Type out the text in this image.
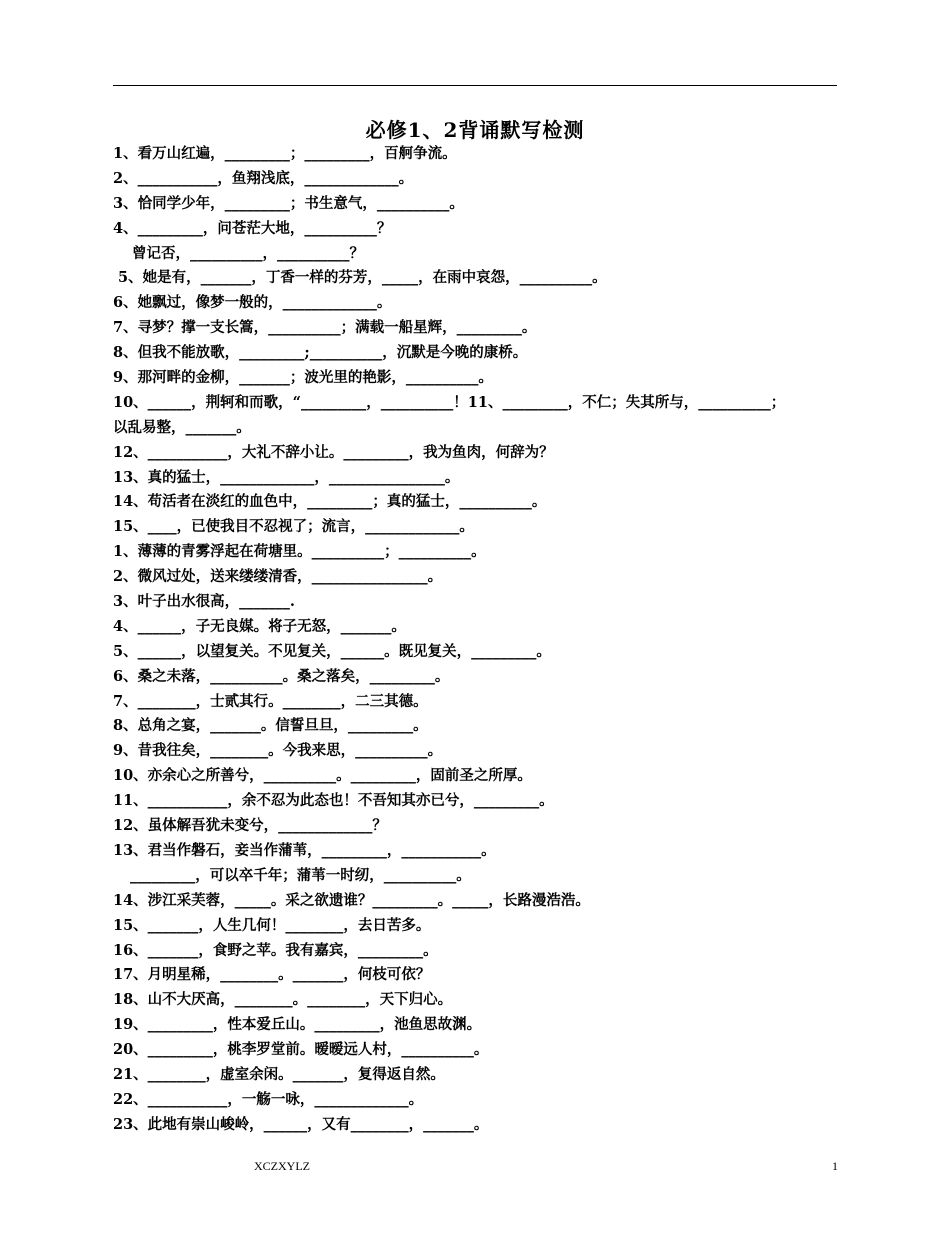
必修1、2背诵默写检测
1、看万山红遍，_________；_________，百舸争流。
2、___________，鱼翔浅底，_____________。
3、恰同学少年，_________；书生意气，__________。
4、_________，问苍茫大地，__________？
曾记否，__________，__________？
5、她是有，_______，丁香一样的芬芳，_____，在雨中哀怨，__________。
6、她飘过，像梦一般的，_____________。
7、寻梦？撑一支长篙，__________；满载一船星辉，_________。
8、但我不能放歌，_________;__________，沉默是今晚的康桥。
9、那河畔的金柳，_______；波光里的艳影，__________。
10、______，荆轲和而歌，“_________，__________！11、_________，不仁；失其所与，__________；
以乱易整，_______。
12、___________，大礼不辞小让。_________，我为鱼肉，何辞为？
13、真的猛士，_____________，________________。
14、苟活者在淡红的血色中，_________；真的猛士，__________。
15、____，已使我目不忍视了；流言，_____________。
1、薄薄的青雾浮起在荷塘里。__________；__________。
2、微风过处，送来缕缕清香，________________。
3、叶子出水很高，_______.
4、______，子无良媒。将子无怒，_______。
5、______，以望复关。不见复关，______。既见复关，_________。
6、桑之未落，__________。桑之落矣，_________。
7、________，士贰其行。________，二三其德。
8、总角之宴，_______。信誓旦旦，_________。
9、昔我往矣，________。今我来思，__________。
10、亦余心之所善兮，__________。_________，固前圣之所厚。
11、___________，余不忍为此态也！不吾知其亦已兮，_________。
12、虽体解吾犹未变兮，_____________？
13、君当作磐石，妾当作蒲苇，_________，___________。
_________，可以卒千年；蒲苇一时纫，__________。
14、涉江采芙蓉，_____。采之欲遗谁？_________。_____，长路漫浩浩。
15、_______，人生几何！________，去日苦多。
16、_______，食野之苹。我有嘉宾，_________。
17、月明星稀，________。_______，何枝可依？
18、山不大厌高，________。________，天下归心。
19、_________，性本爱丘山。_________，池鱼思故渊。
20、_________，桃李罗堂前。暧暧远人村，__________。
21、________，虚室余闲。_______，复得返自然。
22、___________，一觞一咏，_____________。
23、此地有崇山峻岭，______，又有________，_______。
XCZXYLZ	1
